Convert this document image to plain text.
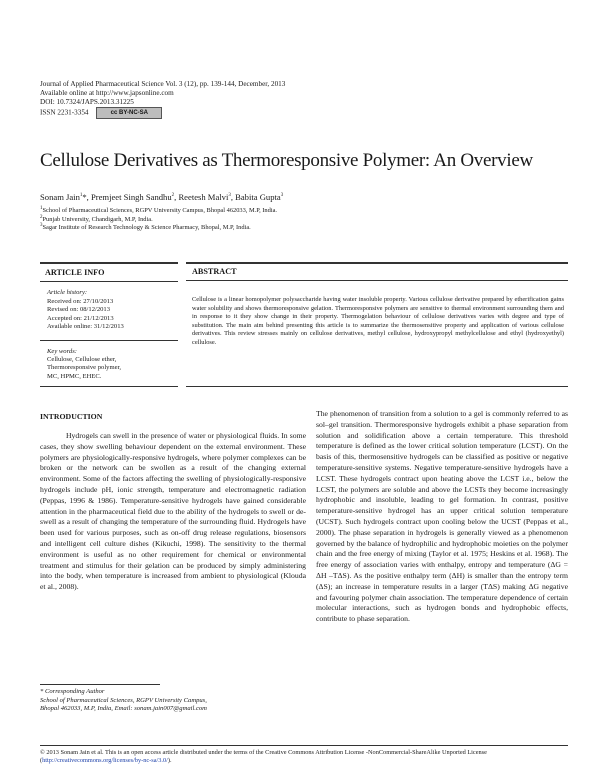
Journal of Applied Pharmaceutical Science Vol. 3 (12), pp. 139-144, December, 2013
Available online at http://www.japsonline.com
DOI: 10.7324/JAPS.2013.31225
ISSN 2231-3354	cc BY-NC-SA
Cellulose Derivatives as Thermoresponsive Polymer: An Overview
Sonam Jain$^1$*, Premjeet Singh Sandhu$^2$, Reetesh Malvi$^3$, Babita Gupta$^3$
$^1$School of Pharmaceutical Sciences, RGPV University Campus, Bhopal 462033, M.P, India.
$^2$Punjab University, Chandigarh, M.P, India.
$^3$Sagar Institute of Research Technology & Science Pharmacy, Bhopal, M.P, India.
ARTICLE INFO
Article history:
Received on: 27/10/2013
Revised on: 08/12/2013
Accepted on: 21/12/2013
Available online: 31/12/2013
Key words:
Cellulose, Cellulose ether,
Thermoresponsive polymer,
MC, HPMC, EHEC.
ABSTRACT
Cellulose is a linear homopolymer polysaccharide having water insoluble property. Various cellulose derivative prepared by etherification gains water solubility and shows thermoresponsive gelation. Thermoresponsive polymers are sensitive to thermal environment surrounding them and in response to it they show change in their property. Thermogelation behaviour of cellulose derivatives varies with degree and type of substitution. The main aim behind presenting this article is to summarize the thermosensitive property and application of various cellulose derivatives. This review stresses mainly on cellulose derivatives, methyl cellulose, hydroxypropyl methylcellulose and ethyl (hydroxyethyl) cellulose.
INTRODUCTION
Hydrogels can swell in the presence of water or physiological fluids. In some cases, they show swelling behaviour dependent on the external environment. These polymers are physiologically-responsive hydrogels, where polymer complexes can be broken or the network can be swollen as a result of the changing external environment. Some of the factors affecting the swelling of physiologically-responsive hydrogels include pH, ionic strength, temperature and electromagnetic radiation (Peppas, 1996 & 1986). Temperature-sensitive hydrogels have gained considerable attention in the pharmaceutical field due to the ability of the hydrogels to swell or de-swell as a result of changing the temperature of the surrounding fluid. Hydrogels have been used for various purposes, such as on-off drug release regulations, biosensors and intelligent cell culture dishes (Kikuchi, 1998). The sensitivity to the thermal environment is useful as no other requirement for chemical or environmental treatment and stimulus for their gelation can be produced by simply administering into the body, when temperature is increased from ambient to physiological (Klouda et al., 2008).
The phenomenon of transition from a solution to a gel is commonly referred to as sol–gel transition. Thermoresponsive hydrogels exhibit a phase separation from solution and solidification above a certain temperature. This threshold temperature is defined as the lower critical solution temperature (LCST). On the basis of this, thermosensitive hydrogels can be classified as positive or negative temperature-sensitive systems. Negative temperature-sensitive hydrogels have a LCST. These hydrogels contract upon heating above the LCST i.e., below the LCST, the polymers are soluble and above the LCSTs they become increasingly hydrophobic and insoluble, leading to gel formation. In contrast, positive temperature-sensitive hydrogel has an upper critical solution temperature (UCST). Such hydrogels contract upon cooling below the UCST (Peppas et al., 2000). The phase separation in hydrogels is generally viewed as a phenomenon governed by the balance of hydrophilic and hydrophobic moieties on the polymer chain and the free energy of mixing (Taylor et al. 1975; Heskins et al. 1968). The free energy of association varies with enthalpy, entropy and temperature (ΔG = ΔH –TΔS). As the positive enthalpy term (ΔH) is smaller than the entropy term (ΔS); an increase in temperature results in a larger (TΔS) making ΔG negative and favouring polymer chain association. The temperature dependence of certain molecular interactions, such as hydrogen bonds and hydrophobic effects, contribute to phase separation.
* Corresponding Author
School of Pharmaceutical Sciences, RGPV University Campus,
Bhopal 462033, M.P, India, Email: sonam.jain007@gmail.com
© 2013 Sonam Jain et al. This is an open access article distributed under the terms of the Creative Commons Attribution License -NonCommercial-ShareAlike Unported License (http://creativecommons.org/licenses/by-nc-sa/3.0/).
